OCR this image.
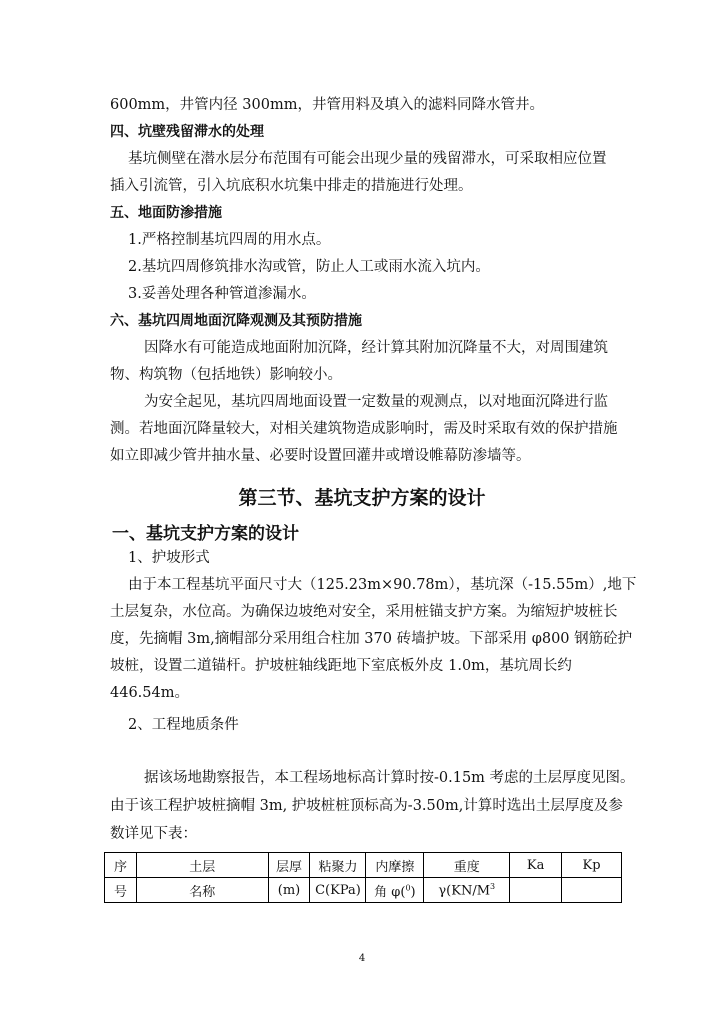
600mm，井管内径 300mm，井管用料及填入的滤料同降水管井。
四、坑壁残留滞水的处理
基坑侧壁在潜水层分布范围有可能会出现少量的残留滞水，可采取相应位置
插入引流管，引入坑底积水坑集中排走的措施进行处理。
五、地面防渗措施
1.严格控制基坑四周的用水点。
2.基坑四周修筑排水沟或管，防止人工或雨水流入坑内。
3.妥善处理各种管道渗漏水。
六、基坑四周地面沉降观测及其预防措施
因降水有可能造成地面附加沉降，经计算其附加沉降量不大，对周围建筑
物、构筑物（包括地铁）影响较小。
为安全起见，基坑四周地面设置一定数量的观测点，以对地面沉降进行监
测。若地面沉降量较大，对相关建筑物造成影响时，需及时采取有效的保护措施
如立即减少管井抽水量、必要时设置回灌井或增设帷幕防渗墙等。
第三节、基坑支护方案的设计
一、基坑支护方案的设计
1、护坡形式
由于本工程基坑平面尺寸大（125.23m×90.78m），基坑深（-15.55m）,地下
土层复杂，水位高。为确保边坡绝对安全，采用桩锚支护方案。为缩短护坡桩长
度，先摘帽 3m,摘帽部分采用组合柱加 370 砖墙护坡。下部采用 φ800 钢筋砼护
坡桩，设置二道锚杆。护坡桩轴线距地下室底板外皮 1.0m，基坑周长约
446.54m。
2、工程地质条件
据该场地勘察报告，本工程场地标高计算时按-0.15m 考虑的土层厚度见图。
由于该工程护坡桩摘帽 3m, 护坡桩桩顶标高为-3.50m,计算时选出土层厚度及参
数详见下表：
序	土层	层厚	粘聚力	内摩擦	重度	Ka	Kp
号	名称	(m)	C(KPa)	角 φ($^0$)	$\gamma(KN/M^3$		
4
